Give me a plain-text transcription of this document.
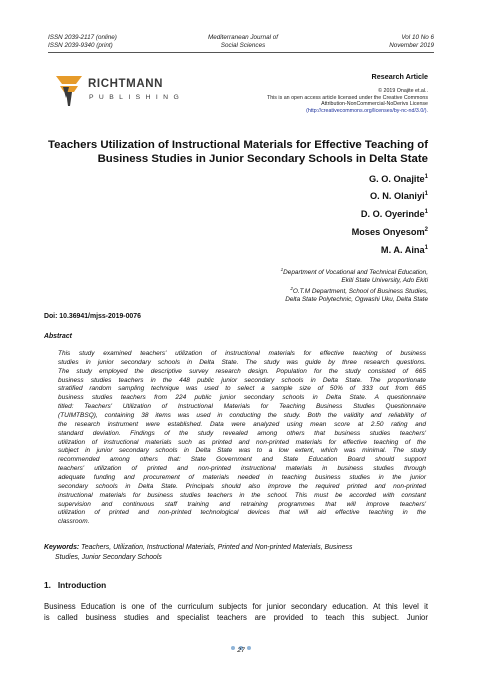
ISSN 2039-2117 (online)
ISSN 2039-9340 (print)
Mediterranean Journal of
Social Sciences
Vol 10 No 6
November 2019
RICHTMANN
PUBLISHING
Research Article
© 2019 Onajite et.al..
This is an open access article licensed under the Creative Commons
Attribution-NonCommercial-NoDerivs License
(http://creativecommons.org/licenses/by-nc-nd/3.0/).
Teachers Utilization of Instructional Materials for Effective Teaching of
Business Studies in Junior Secondary Schools in Delta State
G. O. Onajite$^1$
O. N. Olaniyi$^1$
D. O. Oyerinde$^1$
Moses Onyesom$^2$
M. A. Aina$^1$
$^1$Department of Vocational and Technical Education,
Ekiti State University, Ado Ekiti
$^2$O.T.M Department, School of Business Studies,
Delta State Polytechnic, Ogwashi Uku, Delta State
Doi: 10.36941/mjss-2019-0076
Abstract
This study examined teachers' utilization of instructional materials for effective teaching of business
studies in junior secondary schools in Delta State. The study was guide by three research questions.
The study employed the descriptive survey research design. Population for the study consisted of 665
business studies teachers in the 448 public junior secondary schools in Delta State. The proportionate
stratified random sampling technique was used to select a sample size of 50% of 333 out from 665
business studies teachers from 224 public junior secondary schools in Delta State. A questionnaire
titled: Teachers' Utilization of Instructional Materials for Teaching Business Studies Questionnaire
(TUIMTBSQ), containing 38 items was used in conducting the study. Both the validity and reliability of
the research instrument were established. Data were analyzed using mean score at 2.50 rating and
standard deviation. Findings of the study revealed among others that business studies teachers'
utilization of instructional materials such as printed and non-printed materials for effective teaching of the
subject in junior secondary schools in Delta State was to a low extent, which was minimal. The study
recommended among others that: State Government and State Education Board should support
teachers' utilization of printed and non-printed instructional materials in business studies through
adequate funding and procurement of materials needed in teaching business studies in the junior
secondary schools in Delta State. Principals should also improve the required printed and non-printed
instructional materials for business studies teachers in the school. This must be accorded with constant
supervision and continuous staff training and retraining programmes that will improve teachers'
utilization of printed and non-printed technological devices that will aid effective teaching in the
classroom.
Keywords: Teachers, Utilization, Instructional Materials, Printed and Non-printed Materials, Business
Studies, Junior Secondary Schools
1.   Introduction
Business Education is one of the curriculum subjects for junior secondary education. At this level it
is called business studies and specialist teachers are provided to teach this subject. Junior
27
